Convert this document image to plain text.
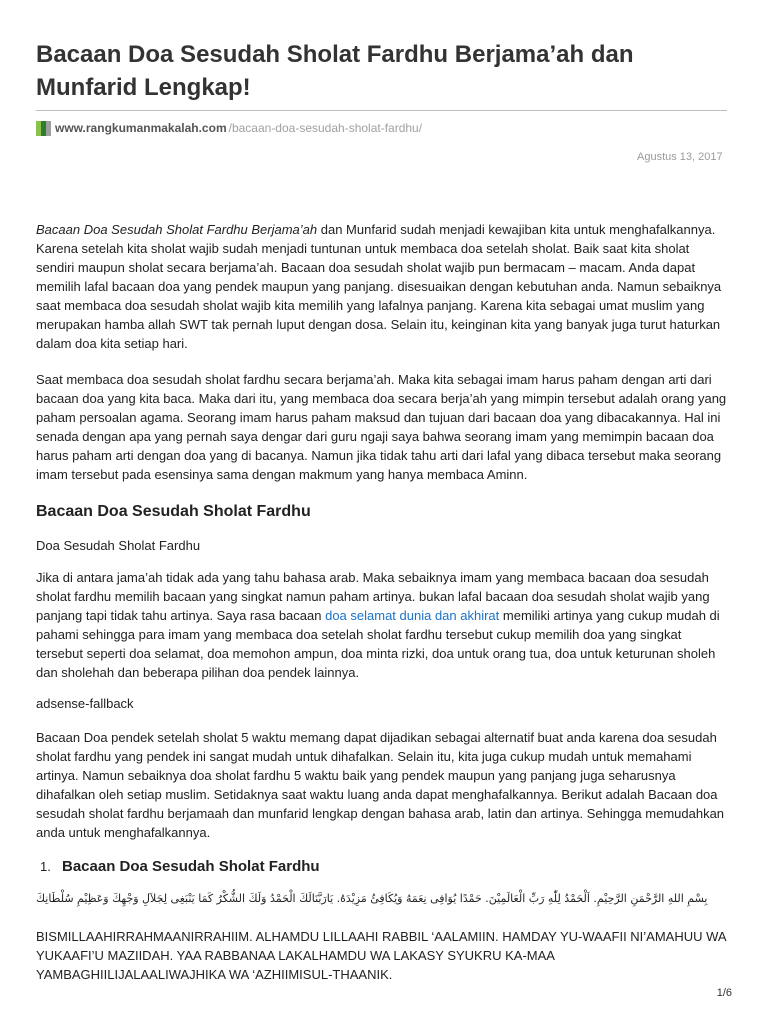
Bacaan Doa Sesudah Sholat Fardhu Berjama’ah dan Munfarid Lengkap!
www.rangkumanmakalah.com /bacaan-doa-sesudah-sholat-fardhu/
Agustus 13, 2017

Bacaan Doa Sesudah Sholat Fardhu Berjama’ah dan Munfarid sudah menjadi kewajiban kita untuk menghafalkannya. Karena setelah kita sholat wajib sudah menjadi tuntunan untuk membaca doa setelah sholat. Baik saat kita sholat sendiri maupun sholat secara berjama’ah. Bacaan doa sesudah sholat wajib pun bermacam – macam. Anda dapat memilih lafal bacaan doa yang pendek maupun yang panjang. disesuaikan dengan kebutuhan anda. Namun sebaiknya saat membaca doa sesudah sholat wajib kita memilih yang lafalnya panjang. Karena kita sebagai umat muslim yang merupakan hamba allah SWT tak pernah luput dengan dosa. Selain itu, keinginan kita yang banyak juga turut haturkan dalam doa kita setiap hari.

Saat membaca doa sesudah sholat fardhu secara berjama’ah. Maka kita sebagai imam harus paham dengan arti dari bacaan doa yang kita baca. Maka dari itu, yang membaca doa secara berja’ah yang mimpin tersebut adalah orang yang paham persoalan agama. Seorang imam harus paham maksud dan tujuan dari bacaan doa yang dibacakannya. Hal ini senada dengan apa yang pernah saya dengar dari guru ngaji saya bahwa seorang imam yang memimpin bacaan doa harus paham arti dengan doa yang di bacanya. Namun jika tidak tahu arti dari lafal yang dibaca tersebut maka seorang imam tersebut pada esensinya sama dengan makmum yang hanya membaca Aminn.

Bacaan Doa Sesudah Sholat Fardhu

Doa Sesudah Sholat Fardhu

Jika di antara jama’ah tidak ada yang tahu bahasa arab. Maka sebaiknya imam yang membaca bacaan doa sesudah sholat fardhu memilih bacaan yang singkat namun paham artinya. bukan lafal bacaan doa sesudah sholat wajib yang panjang tapi tidak tahu artinya. Saya rasa bacaan doa selamat dunia dan akhirat memiliki artinya yang cukup mudah di pahami sehingga para imam yang membaca doa setelah sholat fardhu tersebut cukup memilih doa yang singkat tersebut seperti doa selamat, doa memohon ampun, doa minta rizki, doa untuk orang tua, doa untuk keturunan sholeh dan sholehah dan beberapa pilihan doa pendek lainnya.

adsense-fallback

Bacaan Doa pendek setelah sholat 5 waktu memang dapat dijadikan sebagai alternatif buat anda karena doa sesudah sholat fardhu yang pendek ini sangat mudah untuk dihafalkan. Selain itu, kita juga cukup mudah untuk memahami artinya. Namun sebaiknya doa sholat fardhu 5 waktu baik yang pendek maupun yang panjang juga seharusnya dihafalkan oleh setiap muslim. Setidaknya saat waktu luang anda dapat menghafalkannya. Berikut adalah Bacaan doa sesudah sholat fardhu berjamaah dan munfarid lengkap dengan bahasa arab, latin dan artinya. Sehingga memudahkan anda untuk menghafalkannya.

1. Bacaan Doa Sesudah Sholat Fardhu
بِسْمِ اللهِ الرَّحْمَنِ الرَّحِيْمِ. اَلْحَمْدُ لِلّٰهِ رَبِّ الْعَالَمِيْنَ. حَمْدًا يُوَافِى نِعَمَهُ وَيُكَافِئُ مَزِيْدَهُ. يَارَبَّنَالَكَ الْحَمْدُ وَلَكَ الشُّكْرُ كَمَا يَنْبَغِى لِجَلاَلِ وَجْهِكَ وَعَظِيْمِ سُلْطَانِكَ

BISMILLAAHIRRAHMAANIRRAHIIM. ALHAMDU LILLAAHI RABBIL ‘AALAMIIN. HAMDAY YU-WAAFII NI’AMAHUU WA YUKAAFI’U MAZIIDAH. YAA RABBANAA LAKALHAMDU WA LAKASY SYUKRU KA-MAA YAMBAGHIILIJALAALIWAJHIKA WA ‘AZHIIMISUL-THAANIK.

1/6
